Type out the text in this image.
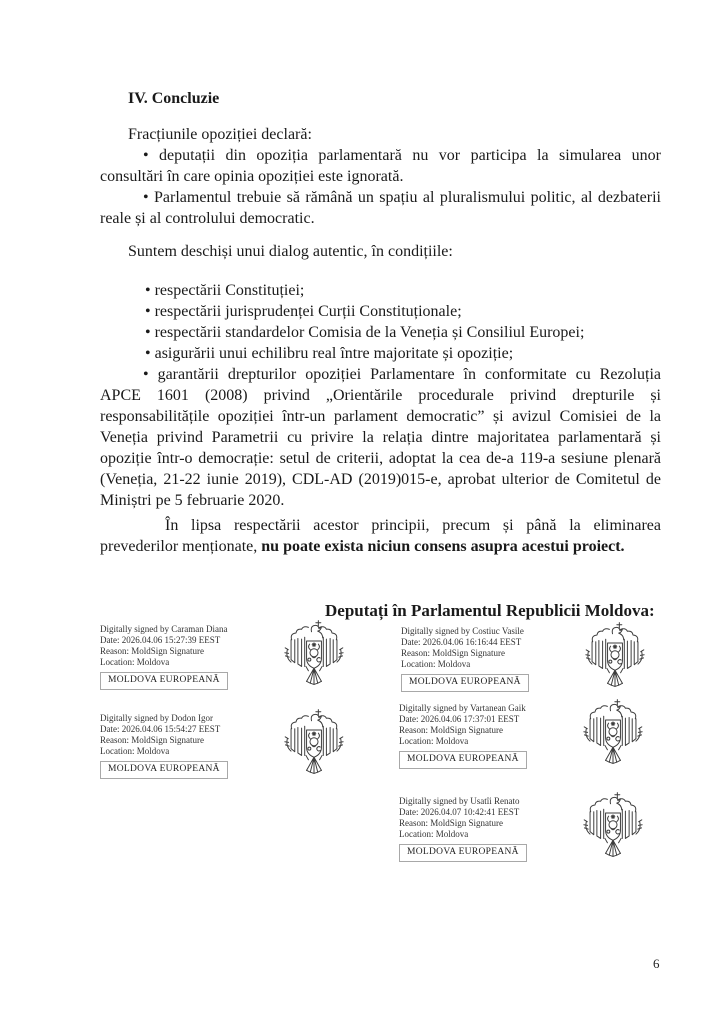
IV. Concluzie

Fracțiunile opoziției declară:

• deputații din opoziția parlamentară nu vor participa la simularea unor consultări în care opinia opoziției este ignorată.

• Parlamentul trebuie să rămână un spațiu al pluralismului politic, al dezbaterii reale și al controlului democratic.

Suntem deschiși unui dialog autentic, în condițiile:

• respectării Constituției;

• respectării jurisprudenței Curții Constituționale;

• respectării standardelor Comisia de la Veneția și Consiliul Europei;

• asigurării unui echilibru real între majoritate și opoziție;

• garantării drepturilor opoziției Parlamentare în conformitate cu Rezoluția APCE 1601 (2008) privind „Orientările procedurale privind drepturile și responsabilitățile opoziției într-un parlament democratic” și avizul Comisiei de la Veneția privind Parametrii cu privire la relația dintre majoritatea parlamentară și opoziție într-o democrație: setul de criterii, adoptat la cea de-a 119-a sesiune plenară (Veneția, 21-22 iunie 2019), CDL-AD (2019)015-e, aprobat ulterior de Comitetul de Miniștri pe 5 februarie 2020.

În lipsa respectării acestor principii, precum și până la eliminarea prevederilor menționate, nu poate exista niciun consens asupra acestui proiect.

Deputați în Parlamentul Republicii Moldova:
Digitally signed by Caraman Diana
Date: 2026.04.06 15:27:39 EEST
Reason: MoldSign Signature
Location: Moldova
MOLDOVA EUROPEANĂ
Digitally signed by Costiuc Vasile
Date: 2026.04.06 16:16:44 EEST
Reason: MoldSign Signature
Location: Moldova
MOLDOVA EUROPEANĂ
Digitally signed by Dodon Igor
Date: 2026.04.06 15:54:27 EEST
Reason: MoldSign Signature
Location: Moldova
MOLDOVA EUROPEANĂ
Digitally signed by Vartanean Gaik
Date: 2026.04.06 17:37:01 EEST
Reason: MoldSign Signature
Location: Moldova
MOLDOVA EUROPEANĂ
Digitally signed by Usatîi Renato
Date: 2026.04.07 10:42:41 EEST
Reason: MoldSign Signature
Location: Moldova
MOLDOVA EUROPEANĂ
6
